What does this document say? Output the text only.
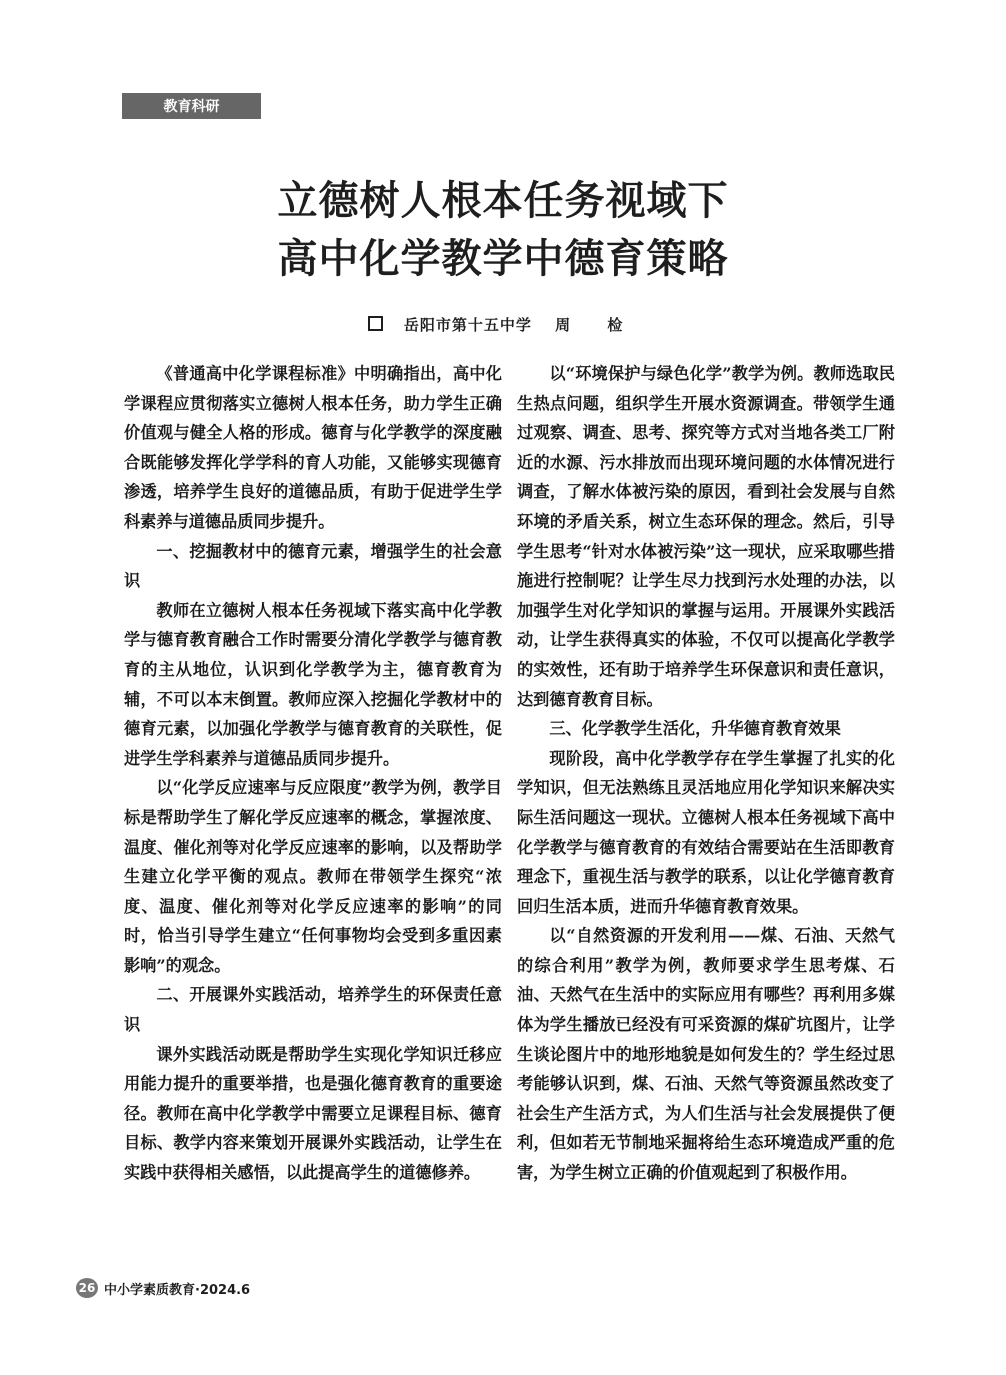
教育科研
立德树人根本任务视域下
高中化学教学中德育策略
岳阳市第十五中学 周 检

《普通高中化学课程标准》中明确指出，高中化学课程应贯彻落实立德树人根本任务，助力学生正确价值观与健全人格的形成。德育与化学教学的深度融合既能够发挥化学学科的育人功能，又能够实现德育渗透，培养学生良好的道德品质，有助于促进学生学科素养与道德品质同步提升。

一、挖掘教材中的德育元素，增强学生的社会意识

教师在立德树人根本任务视域下落实高中化学教学与德育教育融合工作时需要分清化学教学与德育教育的主从地位，认识到化学教学为主，德育教育为辅，不可以本末倒置。教师应深入挖掘化学教材中的德育元素，以加强化学教学与德育教育的关联性，促进学生学科素养与道德品质同步提升。

以“化学反应速率与反应限度”教学为例，教学目标是帮助学生了解化学反应速率的概念，掌握浓度、温度、催化剂等对化学反应速率的影响，以及帮助学生建立化学平衡的观点。教师在带领学生探究“浓度、温度、催化剂等对化学反应速率的影响”的同时，恰当引导学生建立“任何事物均会受到多重因素影响”的观念。

二、开展课外实践活动，培养学生的环保责任意识

课外实践活动既是帮助学生实现化学知识迁移应用能力提升的重要举措，也是强化德育教育的重要途径。教师在高中化学教学中需要立足课程目标、德育目标、教学内容来策划开展课外实践活动，让学生在实践中获得相关感悟，以此提高学生的道德修养。

以“环境保护与绿色化学”教学为例。教师选取民生热点问题，组织学生开展水资源调查。带领学生通过观察、调查、思考、探究等方式对当地各类工厂附近的水源、污水排放而出现环境问题的水体情况进行调查，了解水体被污染的原因，看到社会发展与自然环境的矛盾关系，树立生态环保的理念。然后，引导学生思考“针对水体被污染”这一现状，应采取哪些措施进行控制呢？让学生尽力找到污水处理的办法，以加强学生对化学知识的掌握与运用。开展课外实践活动，让学生获得真实的体验，不仅可以提高化学教学的实效性，还有助于培养学生环保意识和责任意识，达到德育教育目标。

三、化学教学生活化，升华德育教育效果

现阶段，高中化学教学存在学生掌握了扎实的化学知识，但无法熟练且灵活地应用化学知识来解决实际生活问题这一现状。立德树人根本任务视域下高中化学教学与德育教育的有效结合需要站在生活即教育理念下，重视生活与教学的联系，以让化学德育教育回归生活本质，进而升华德育教育效果。

以“自然资源的开发利用——煤、石油、天然气的综合利用”教学为例，教师要求学生思考煤、石油、天然气在生活中的实际应用有哪些？再利用多媒体为学生播放已经没有可采资源的煤矿坑图片，让学生谈论图片中的地形地貌是如何发生的？学生经过思考能够认识到，煤、石油、天然气等资源虽然改变了社会生产生活方式，为人们生活与社会发展提供了便利，但如若无节制地采掘将给生态环境造成严重的危害，为学生树立正确的价值观起到了积极作用。

26 中小学素质教育·2024.6
